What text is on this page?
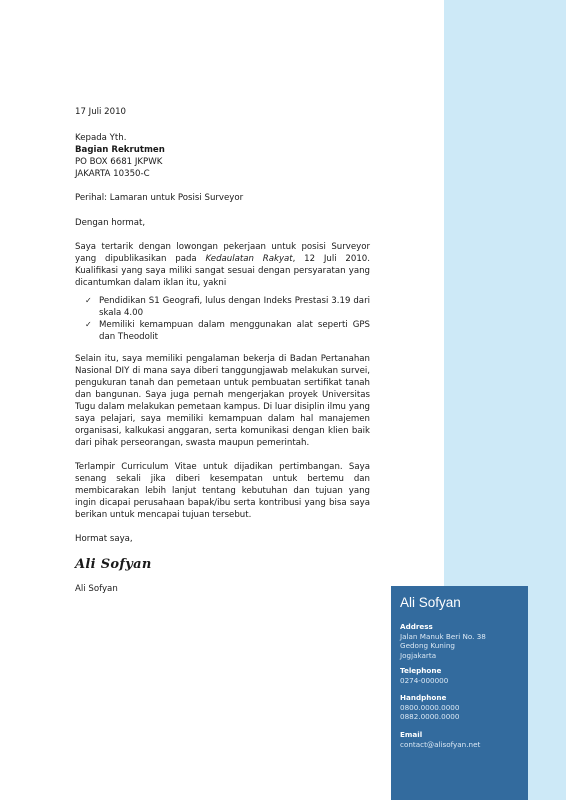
17 Juli 2010

Kepada Yth.

Bagian Rekrutmen

PO BOX 6681 JKPWK

JAKARTA 10350-C

Perihal: Lamaran untuk Posisi Surveyor

Dengan hormat,

Saya tertarik dengan lowongan pekerjaan untuk posisi Surveyor yang dipublikasikan pada Kedaulatan Rakyat, 12 Juli 2010. Kualifikasi yang saya miliki sangat sesuai dengan persyaratan yang dicantumkan dalam iklan itu, yakni

✓ Pendidikan S1 Geografi, lulus dengan Indeks Prestasi 3.19 dari skala 4.00
✓ Memiliki kemampuan dalam menggunakan alat seperti GPS dan Theodolit

Selain itu, saya memiliki pengalaman bekerja di Badan Pertanahan Nasional DIY di mana saya diberi tanggungjawab melakukan survei, pengukuran tanah dan pemetaan untuk pembuatan sertifikat tanah dan bangunan. Saya juga pernah mengerjakan proyek Universitas Tugu dalam melakukan pemetaan kampus. Di luar disiplin ilmu yang saya pelajari, saya memiliki kemampuan dalam hal manajemen organisasi, kalkukasi anggaran, serta komunikasi dengan klien baik dari pihak perseorangan, swasta maupun pemerintah.

Terlampir Curriculum Vitae untuk dijadikan pertimbangan. Saya senang sekali jika diberi kesempatan untuk bertemu dan membicarakan lebih lanjut tentang kebutuhan dan tujuan yang ingin dicapai perusahaan bapak/ibu serta kontribusi yang bisa saya berikan untuk mencapai tujuan tersebut.

Hormat saya,

Ali Sofyan

Ali Sofyan

Ali Sofyan
Address
Jalan Manuk Beri No. 38
Gedong Kuning
Jogjakarta
Telephone
0274-000000
Handphone
0800.0000.0000
0882.0000.0000
Email
contact@alisofyan.net
